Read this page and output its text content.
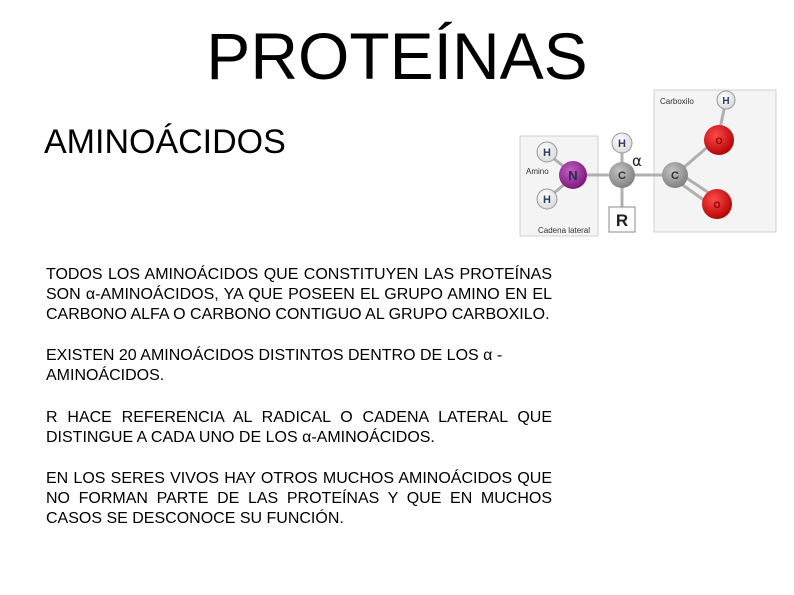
PROTEÍNAS
AMINOÁCIDOS

TODOS LOS AMINOÁCIDOS QUE CONSTITUYEN LAS PROTEÍNAS SON α-AMINOÁCIDOS, YA QUE POSEEN EL GRUPO AMINO EN EL CARBONO ALFA O CARBONO CONTIGUO AL GRUPO CARBOXILO.

EXISTEN 20 AMINOÁCIDOS DISTINTOS DENTRO DE LOS α -AMINOÁCIDOS.

R HACE REFERENCIA AL RADICAL O CADENA LATERAL QUE DISTINGUE A CADA UNO DE LOS α-AMINOÁCIDOS.

EN LOS SERES VIVOS HAY OTROS MUCHOS AMINOÁCIDOS QUE NO FORMAN PARTE DE LAS PROTEÍNAS Y QUE EN MUCHOS CASOS SE DESCONOCE SU FUNCIÓN.

H
N
H
Amino
H
C
α
R
Cadena lateral
Carboxilo	H
O
C
O
